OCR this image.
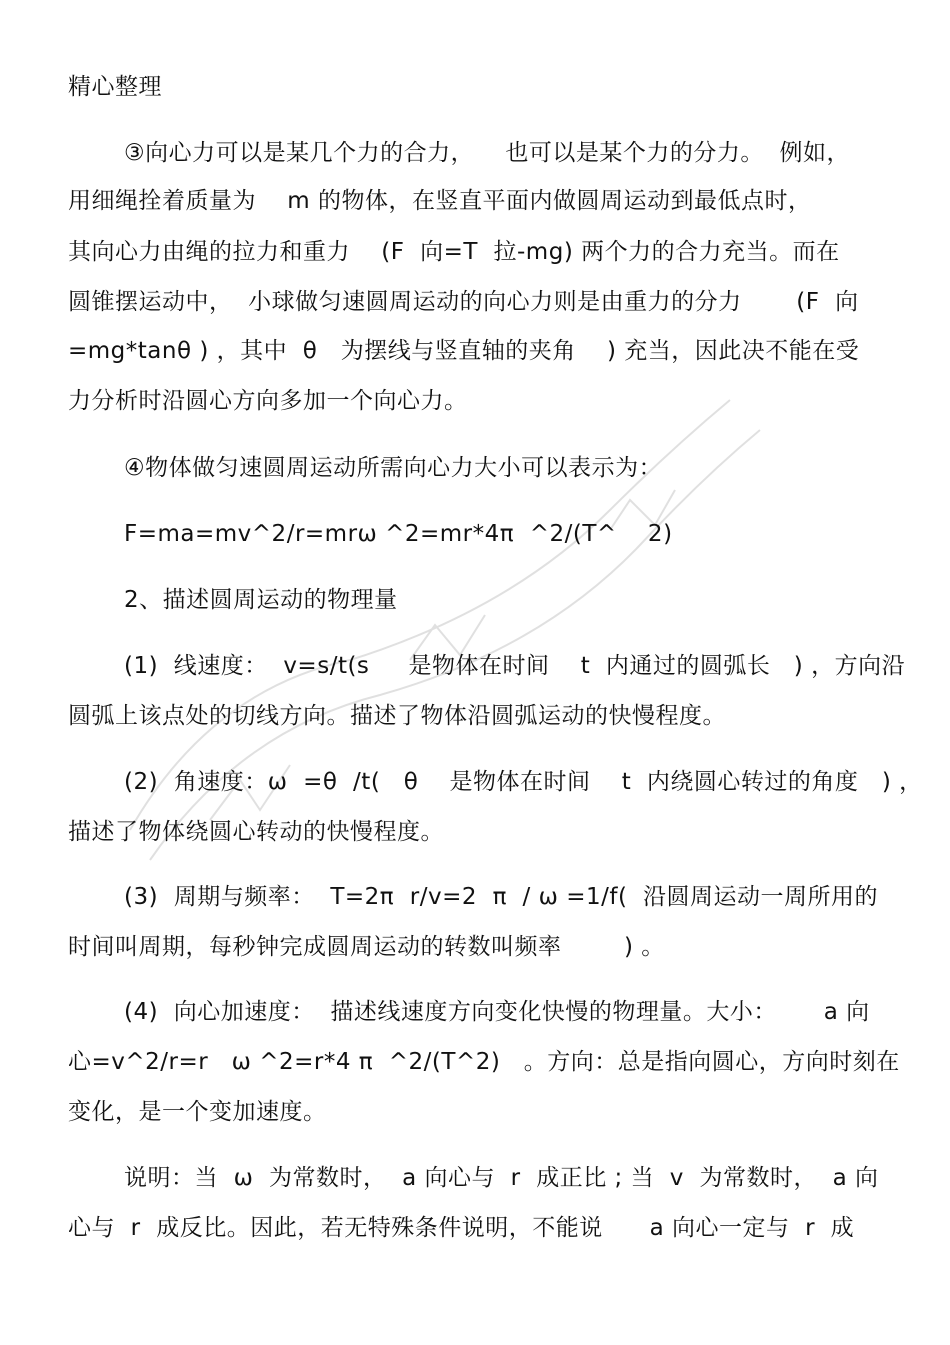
精心整理
③向心力可以是某几个力的合力，    也可以是某个力的分力。  例如，
用细绳拴着质量为    m 的物体，在竖直平面内做圆周运动到最低点时，
其向心力由绳的拉力和重力    (F  向=T  拉-mg) 两个力的合力充当。而在
圆锥摆运动中，  小球做匀速圆周运动的向心力则是由重力的分力       (F  向
=mg*tanθ ) ，其中  θ   为摆线与竖直轴的夹角    ) 充当，因此决不能在受
力分析时沿圆心方向多加一个向心力。
④物体做匀速圆周运动所需向心力大小可以表示为：
F=ma=mv^2/r=mrω ^2=mr*4π  ^2/(T^    2)
2、描述圆周运动的物理量
(1)  线速度：  v=s/t(s     是物体在时间    t  内通过的圆弧长   ) ，方向沿
圆弧上该点处的切线方向。描述了物体沿圆弧运动的快慢程度。
(2)  角速度：ω  =θ  /t(   θ    是物体在时间    t  内绕圆心转过的角度   ) ，
描述了物体绕圆心转动的快慢程度。
(3)  周期与频率：  T=2π  r/v=2  π  / ω =1/f(  沿圆周运动一周所用的
时间叫周期，每秒钟完成圆周运动的转数叫频率        ) 。
(4)  向心加速度：  描述线速度方向变化快慢的物理量。大小：      a 向
心=v^2/r=r   ω ^2=r*4 π  ^2/(T^2)   。方向：总是指向圆心，方向时刻在
变化，是一个变加速度。
说明：当  ω  为常数时，  a 向心与  r  成正比 ; 当  v  为常数时，  a 向
心与  r  成反比。因此，若无特殊条件说明，不能说      a 向心一定与  r  成
